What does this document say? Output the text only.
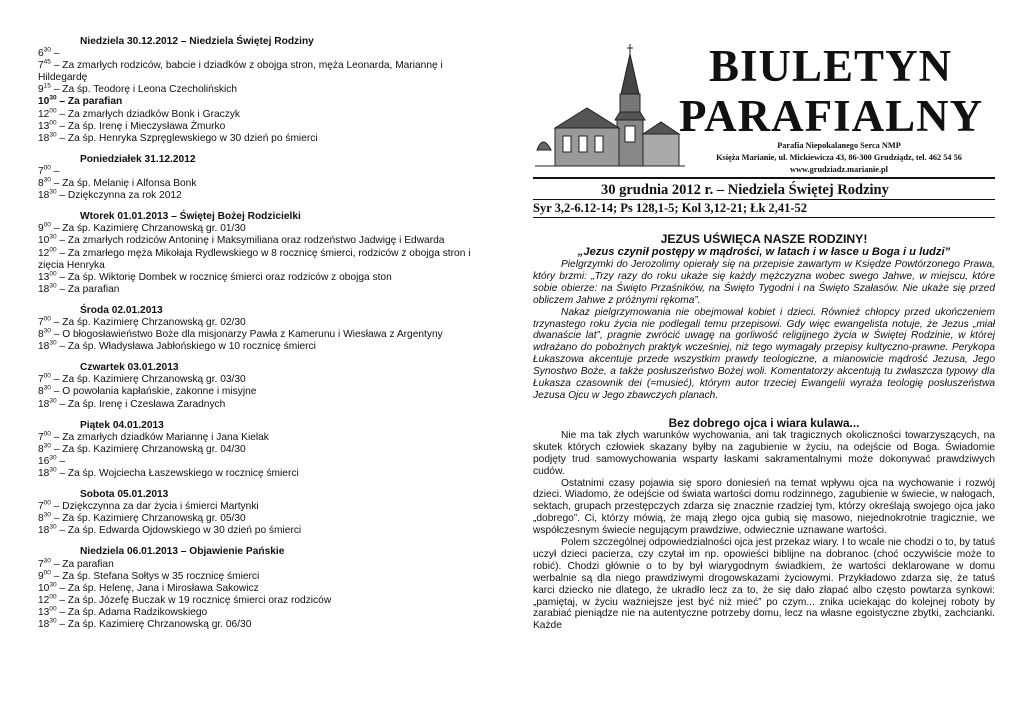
Niedziela 30.12.2012 – Niedziela Świętej Rodziny
$6^{30}$ –
$7^{45}$ – Za zmarłych rodziców, babcie i dziadków z obojga stron, męża Leonarda, Mariannę i Hildegardę
$9^{15}$ – Za śp. Teodorę i Leona Czecholińskich
$10^{30}$ – Za parafian
$12^{00}$ – Za zmarłych dziadków Bonk i Graczyk
$13^{00}$ – Za śp. Irenę i Mieczysława Żmurko
$18^{30}$ – Za śp. Henryka Szpręglewskiego w 30 dzień po śmierci
Poniedziałek 31.12.2012
$7^{00}$ –
$8^{30}$ – Za śp. Melanię i Alfonsa Bonk
$18^{30}$ – Dziękczynna za rok 2012
Wtorek 01.01.2013 – Świętej Bożej Rodzicielki
$9^{00}$ – Za śp. Kazimierę Chrzanowską gr. 01/30
$10^{30}$ – Za zmarłych rodziców Antoninę i Maksymiliana oraz rodzeństwo Jadwigę i Edwarda
$12^{00}$ – Za zmarłego męża Mikołaja Rydlewskiego w 8 rocznicę śmierci, rodziców z obojga stron i zięcia Henryka
$13^{00}$ – Za śp. Wiktorię Dombek w rocznicę śmierci oraz rodziców z obojga ston
$18^{30}$ – Za parafian
Środa 02.01.2013
$7^{00}$ – Za śp. Kazimierę Chrzanowską gr. 02/30
$8^{30}$ – O błogosławieństwo Boże dla misjonarzy Pawła z Kamerunu i Wiesława z Argentyny
$18^{30}$ – Za śp. Władysława Jabłońskiego w 10 rocznicę śmierci
Czwartek 03.01.2013
$7^{00}$ – Za śp. Kazimierę Chrzanowską gr. 03/30
$8^{30}$ – O powołania kapłańskie, zakonne i misyjne
$18^{30}$ – Za śp. Irenę i Czesława Zaradnych
Piątek 04.01.2013
$7^{00}$ – Za zmarłych dziadków Mariannę i Jana Kielak
$8^{30}$ – Za śp. Kazimierę Chrzanowską gr. 04/30
$16^{30}$ –
$18^{30}$ – Za śp. Wojciecha Łaszewskiego w rocznicę śmierci
Sobota 05.01.2013
$7^{00}$ – Dziękczynna za dar życia i śmierci Martynki
$8^{30}$ – Za śp. Kazimierę Chrzanowską gr. 05/30
$18^{30}$ – Za śp. Edwarda Ojdowskiego w 30 dzień po śmierci
Niedziela 06.01.2013 – Objawienie Pańskie
$7^{30}$ – Za parafian
$9^{00}$ – Za śp. Stefana Sołtys w 35 rocznicę śmierci
$10^{30}$ – Za śp. Helenę, Jana i Mirosława Sakowicz
$12^{00}$ – Za śp. Józefę Buczak w 19 rocznicę śmierci oraz rodziców
$13^{00}$ – Za śp. Adama Radzikowskiego
$18^{30}$ – Za śp. Kazimierę Chrzanowską gr. 06/30
BIULETYN
PARAFIALNY
Parafia Niepokalanego Serca NMP
Księża Marianie, ul. Mickiewicza 43, 86-300 Grudziądz, tel. 462 54 56
www.grudziadz.marianie.pl
30 grudnia 2012 r. – Niedziela Świętej Rodziny
Syr 3,2-6.12-14; Ps 128,1-5; Kol 3,12-21; Łk 2,41-52
JEZUS UŚWIĘCA NASZE RODZINY!
„Jezus czynił postępy w mądrości, w latach i w łasce u Boga i u ludzi”

Pielgrzymki do Jerozolimy opierały się na przepisie zawartym w Księdze Powtórzonego Prawa, który brzmi: „Trzy razy do roku ukaże się każdy mężczyzna wobec swego Jahwe, w miejscu, które sobie obierze: na Święto Przaśników, na Święto Tygodni i na Święto Szałasów. Nie ukaże się przed obliczem Jahwe z próżnymi rękoma”.

Nakaz pielgrzymowania nie obejmował kobiet i dzieci. Również chłopcy przed ukończeniem trzynastego roku życia nie podlegali temu przepisowi. Gdy więc ewangelista notuje, że Jezus „miał dwanaście lat”, pragnie zwrócić uwagę na gorliwość religijnego życia w Świętej Rodzinie, w której wdrażano do pobożnych praktyk wcześniej, niż tego wymagały przepisy kultyczno-prawne. Perykopa Łukaszowa akcentuje przede wszystkim prawdy teologiczne, a mianowicie mądrość Jezusa, Jego Synostwo Boże, a także posłuszeństwo Bożej woli. Komentatorzy akcentują tu zwłaszcza typowy dla Łukasza czasownik dei (=musieć), którym autor trzeciej Ewangelii wyraża teologię posłuszeństwa Jezusa Ojcu w Jego zbawczych planach.

Bez dobrego ojca i wiara kulawa...

Nie ma tak złych warunków wychowania, ani tak tragicznych okoliczności towarzyszących, na skutek których człowiek skazany byłby na zagubienie w życiu, na odejście od Boga. Świadomie podjęty trud samowychowania wsparty łaskami sakramentalnymi może dokonywać prawdziwych cudów.

Ostatnimi czasy pojawia się sporo doniesień na temat wpływu ojca na wychowanie i rozwój dzieci. Wiadomo, że odejście od świata wartości domu rodzinnego, zagubienie w świecie, w nałogach, sektach, grupach przestępczych zdarza się znacznie rzadziej tym, którzy określają swojego ojca jako „dobrego”. Ci, którzy mówią, że mają złego ojca gubią się masowo, niejednokrotnie tragicznie, we współczesnym świecie negującym prawdziwe, odwiecznie uznawane wartości.

Polem szczególnej odpowiedzialności ojca jest przekaz wiary. I to wcale nie chodzi o to, by tatuś uczył dzieci pacierza, czy czytał im np. opowieści biblijne na dobranoc (choć oczywiście może to robić). Chodzi głównie o to by był wiarygodnym świadkiem, że wartości deklarowane w domu werbalnie są dla niego prawdziwymi drogowskazami życiowymi. Przykładowo zdarza się, że tatuś karci dziecko nie dlatego, że ukradło lecz za to, że się dało złapać albo często powtarza synkowi: „pamiętaj, w życiu ważniejsze jest być niż mieć” po czym... znika uciekając do kolejnej roboty by zarabiać pieniądze nie na autentyczne potrzeby domu, lecz na własne egoistyczne zbytki, zachcianki. Każde
